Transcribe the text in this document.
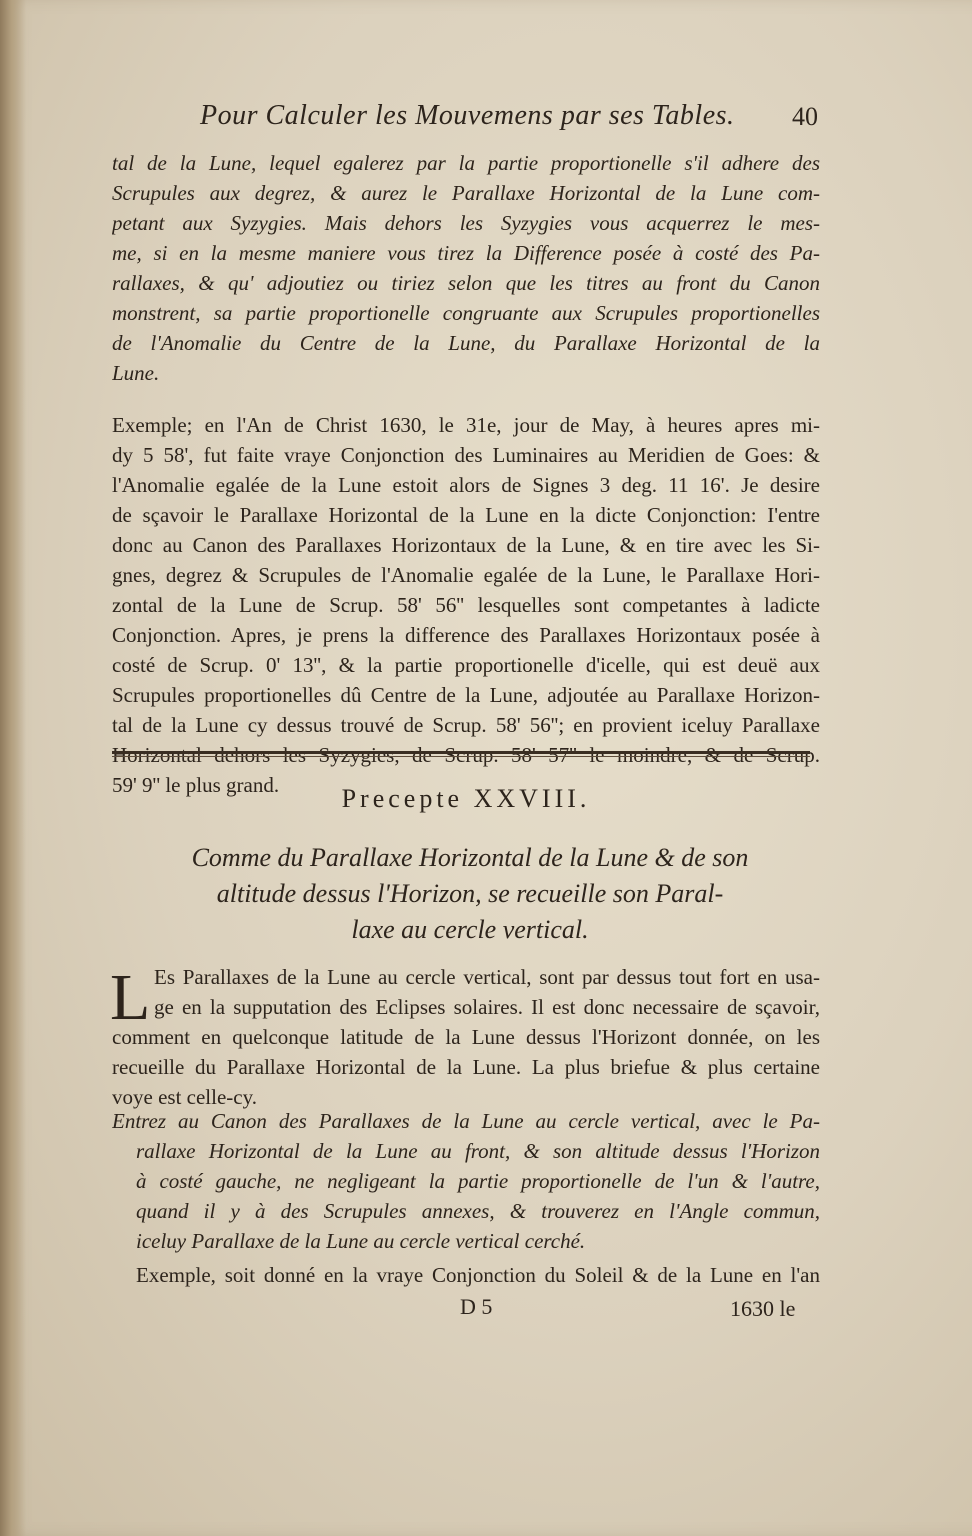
Pour Calculer les Mouvemens par ses Tables. 40
tal de la Lune, lequel egalerez par la partie proportionelle s'il adhere des
Scrupules aux degrez, & aurez le Parallaxe Horizontal de la Lune com-
petant aux Syzygies. Mais dehors les Syzygies vous acquerrez le mes-
me, si en la mesme maniere vous tirez la Difference posée à costé des Pa-
rallaxes, & qu' adjoutiez ou tiriez selon que les titres au front du Canon
monstrent, sa partie proportionelle congruante aux Scrupules proportionelles
de l'Anomalie du Centre de la Lune, du Parallaxe Horizontal de la
Lune.
Exemple; en l'An de Christ 1630, le 31e, jour de May, à heures apres mi-
dy 5 58', fut faite vraye Conjonction des Luminaires au Meridien de Goes: &
l'Anomalie egalée de la Lune estoit alors de Signes 3 deg. 11 16'. Je desire
de sçavoir le Parallaxe Horizontal de la Lune en la dicte Conjonction: I'entre
donc au Canon des Parallaxes Horizontaux de la Lune, & en tire avec les Si-
gnes, degrez & Scrupules de l'Anomalie egalée de la Lune, le Parallaxe Hori-
zontal de la Lune de Scrup. 58' 56'' lesquelles sont competantes à ladicte
Conjonction. Apres, je prens la difference des Parallaxes Horizontaux posée à
costé de Scrup. 0' 13'', & la partie proportionelle d'icelle, qui est deuë aux
Scrupules proportionelles dû Centre de la Lune, adjoutée au Parallaxe Horizon-
tal de la Lune cy dessus trouvé de Scrup. 58' 56''; en provient iceluy Parallaxe
Horizontal dehors les Syzygies, de Scrup. 58' 57'' le moindre, & de Scrup.
59' 9'' le plus grand.	Precepte XXVIII.
Comme du Parallaxe Horizontal de la Lune & de son
altitude dessus l'Horizon, se recueille son Paral-
laxe au cercle vertical.
L Es Parallaxes de la Lune au cercle vertical, sont par dessus tout fort en usa-
ge en la supputation des Eclipses solaires. Il est donc necessaire de sçavoir,
comment en quelconque latitude de la Lune dessus l'Horizont donnée, on les
recueille du Parallaxe Horizontal de la Lune. La plus briefue & plus certaine
voye est celle-cy.
Entrez au Canon des Parallaxes de la Lune au cercle vertical, avec le Pa-
rallaxe Horizontal de la Lune au front, & son altitude dessus l'Horizon
à costé gauche, ne negligeant la partie proportionelle de l'un & l'autre,
quand il y à des Scrupules annexes, & trouverez en l'Angle commun,
iceluy Parallaxe de la Lune au cercle vertical cerché.
Exemple, soit donné en la vraye Conjonction du Soleil & de la Lune en l'an
D 5	1630 le
